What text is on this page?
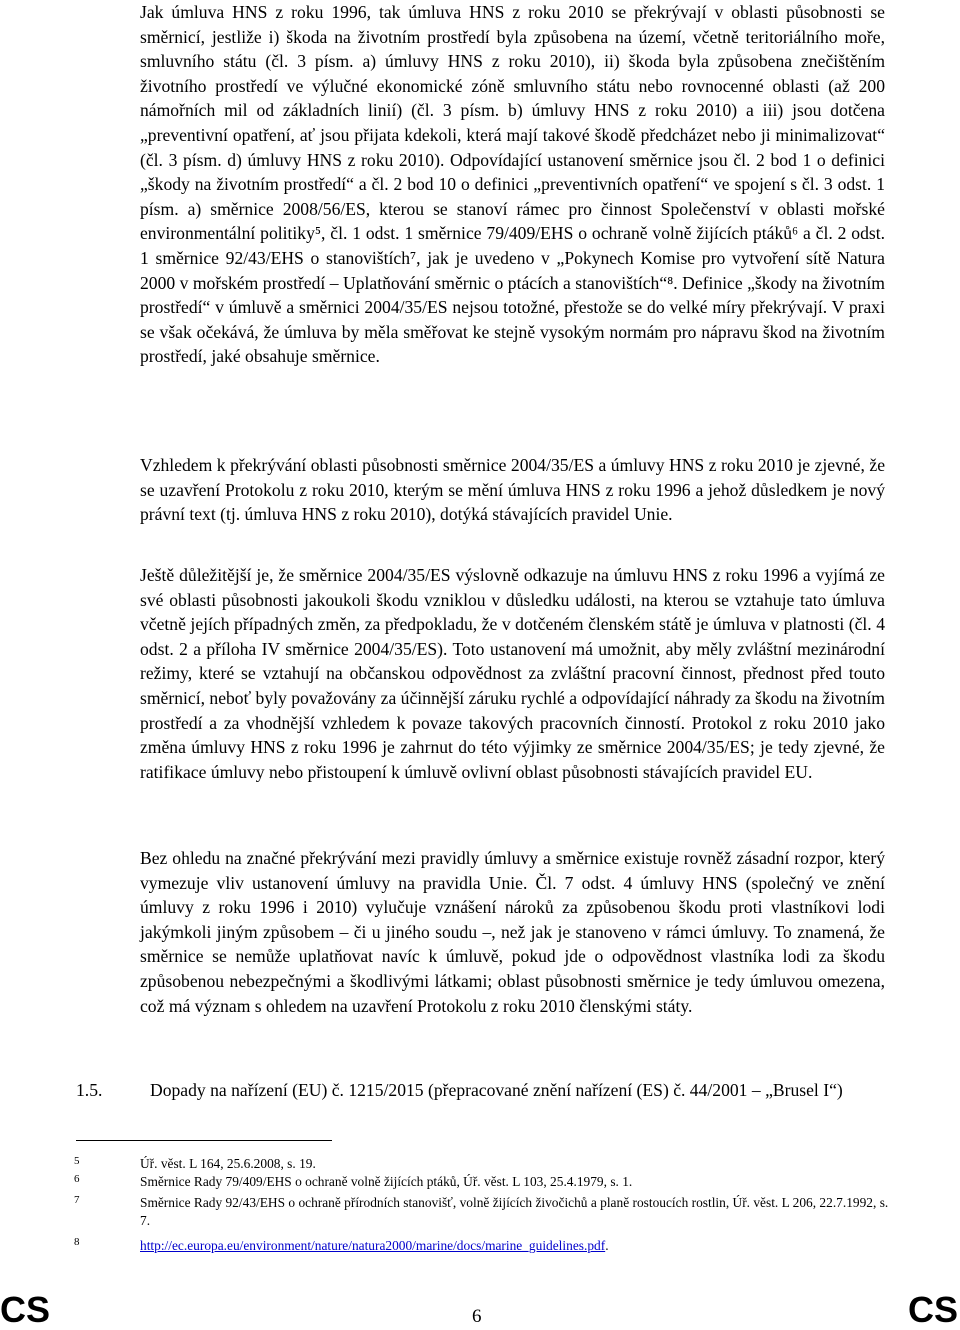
Jak úmluva HNS z roku 1996, tak úmluva HNS z roku 2010 se překrývají v oblasti působnosti se směrnicí, jestliže i) škoda na životním prostředí byla způsobena na území, včetně teritoriálního moře, smluvního státu (čl. 3 písm. a) úmluvy HNS z roku 2010), ii) škoda byla způsobena znečištěním životního prostředí ve výlučné ekonomické zóně smluvního státu nebo rovnocenné oblasti (až 200 námořních mil od základních linií) (čl. 3 písm. b) úmluvy HNS z roku 2010) a iii) jsou dotčena „preventivní opatření, ať jsou přijata kdekoli, která mají takové škodě předcházet nebo ji minimalizovat“ (čl. 3 písm. d) úmluvy HNS z roku 2010). Odpovídající ustanovení směrnice jsou čl. 2 bod 1 o definici „škody na životním prostředí“ a čl. 2 bod 10 o definici „preventivních opatření“ ve spojení s čl. 3 odst. 1 písm. a) směrnice 2008/56/ES, kterou se stanoví rámec pro činnost Společenství v oblasti mořské environmentální politiky⁵, čl. 1 odst. 1 směrnice 79/409/EHS o ochraně volně žijících ptáků⁶ a čl. 2 odst. 1 směrnice 92/43/EHS o stanovištích⁷, jak je uvedeno v „Pokynech Komise pro vytvoření sítě Natura 2000 v mořském prostředí – Uplatňování směrnic o ptácích a stanovištích“⁸. Definice „škody na životním prostředí“ v úmluvě a směrnici 2004/35/ES nejsou totožné, přestože se do velké míry překrývají. V praxi se však očekává, že úmluva by měla směřovat ke stejně vysokým normám pro nápravu škod na životním prostředí, jaké obsahuje směrnice.

Vzhledem k překrývání oblasti působnosti směrnice 2004/35/ES a úmluvy HNS z roku 2010 je zjevné, že se uzavření Protokolu z roku 2010, kterým se mění úmluva HNS z roku 1996 a jehož důsledkem je nový právní text (tj. úmluva HNS z roku 2010), dotýká stávajících pravidel Unie.

Ještě důležitější je, že směrnice 2004/35/ES výslovně odkazuje na úmluvu HNS z roku 1996 a vyjímá ze své oblasti působnosti jakoukoli škodu vzniklou v důsledku události, na kterou se vztahuje tato úmluva včetně jejích případných změn, za předpokladu, že v dotčeném členském státě je úmluva v platnosti (čl. 4 odst. 2 a příloha IV směrnice 2004/35/ES). Toto ustanovení má umožnit, aby měly zvláštní mezinárodní režimy, které se vztahují na občanskou odpovědnost za zvláštní pracovní činnost, přednost před touto směrnicí, neboť byly považovány za účinnější záruku rychlé a odpovídající náhrady za škodu na životním prostředí a za vhodnější vzhledem k povaze takových pracovních činností. Protokol z roku 2010 jako změna úmluvy HNS z roku 1996 je zahrnut do této výjimky ze směrnice 2004/35/ES; je tedy zjevné, že ratifikace úmluvy nebo přistoupení k úmluvě ovlivní oblast působnosti stávajících pravidel EU.

Bez ohledu na značné překrývání mezi pravidly úmluvy a směrnice existuje rovněž zásadní rozpor, který vymezuje vliv ustanovení úmluvy na pravidla Unie. Čl. 7 odst. 4 úmluvy HNS (společný ve znění úmluvy z roku 1996 i 2010) vylučuje vznášení nároků za způsobenou škodu proti vlastníkovi lodi jakýmkoli jiným způsobem – či u jiného soudu –, než jak je stanoveno v rámci úmluvy. To znamená, že směrnice se nemůže uplatňovat navíc k úmluvě, pokud jde o odpovědnost vlastníka lodi za škodu způsobenou nebezpečnými a škodlivými látkami; oblast působnosti směrnice je tedy úmluvou omezena, což má význam s ohledem na uzavření Protokolu z roku 2010 členskými státy.

1.5.	Dopady na nařízení (EU) č. 1215/2015 (přepracované znění nařízení (ES) č. 44/2001 – „Brusel I“)
5	Úř. věst. L 164, 25.6.2008, s. 19.
6	Směrnice Rady 79/409/EHS o ochraně volně žijících ptáků, Úř. věst. L 103, 25.4.1979, s. 1.
7	Směrnice Rady 92/43/EHS o ochraně přírodních stanovišť, volně žijících živočichů a planě rostoucích rostlin, Úř. věst. L 206, 22.7.1992, s. 7.
8	http://ec.europa.eu/environment/nature/natura2000/marine/docs/marine_guidelines.pdf.
CS	6	CS
